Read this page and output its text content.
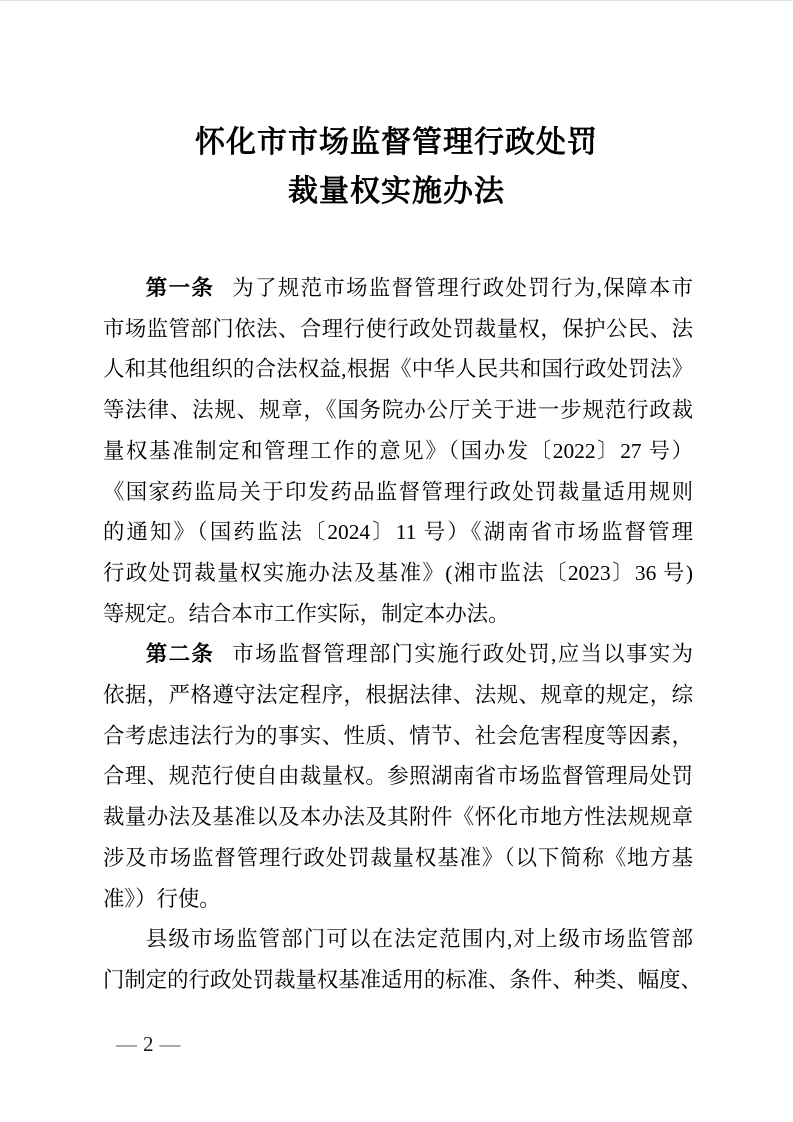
怀化市市场监督管理行政处罚
裁量权实施办法
第一条 为了规范市场监督管理行政处罚行为,保障本市
市场监管部门依法、合理行使行政处罚裁量权，保护公民、法
人和其他组织的合法权益,根据《中华人民共和国行政处罚法》
等法律、法规、规章，《国务院办公厅关于进一步规范行政裁
量权基准制定和管理工作的意见》（国办发〔2022〕27 号）
《国家药监局关于印发药品监督管理行政处罚裁量适用规则
的通知》（国药监法〔2024〕11 号）《湖南省市场监督管理
行政处罚裁量权实施办法及基准》(湘市监法〔2023〕36 号)
等规定。结合本市工作实际，制定本办法。
第二条 市场监督管理部门实施行政处罚,应当以事实为
依据，严格遵守法定程序，根据法律、法规、规章的规定，综
合考虑违法行为的事实、性质、情节、社会危害程度等因素，
合理、规范行使自由裁量权。参照湖南省市场监督管理局处罚
裁量办法及基准以及本办法及其附件《怀化市地方性法规规章
涉及市场监督管理行政处罚裁量权基准》（以下简称《地方基
准》）行使。
县级市场监管部门可以在法定范围内,对上级市场监管部
门制定的行政处罚裁量权基准适用的标准、条件、种类、幅度、
— 2 —
